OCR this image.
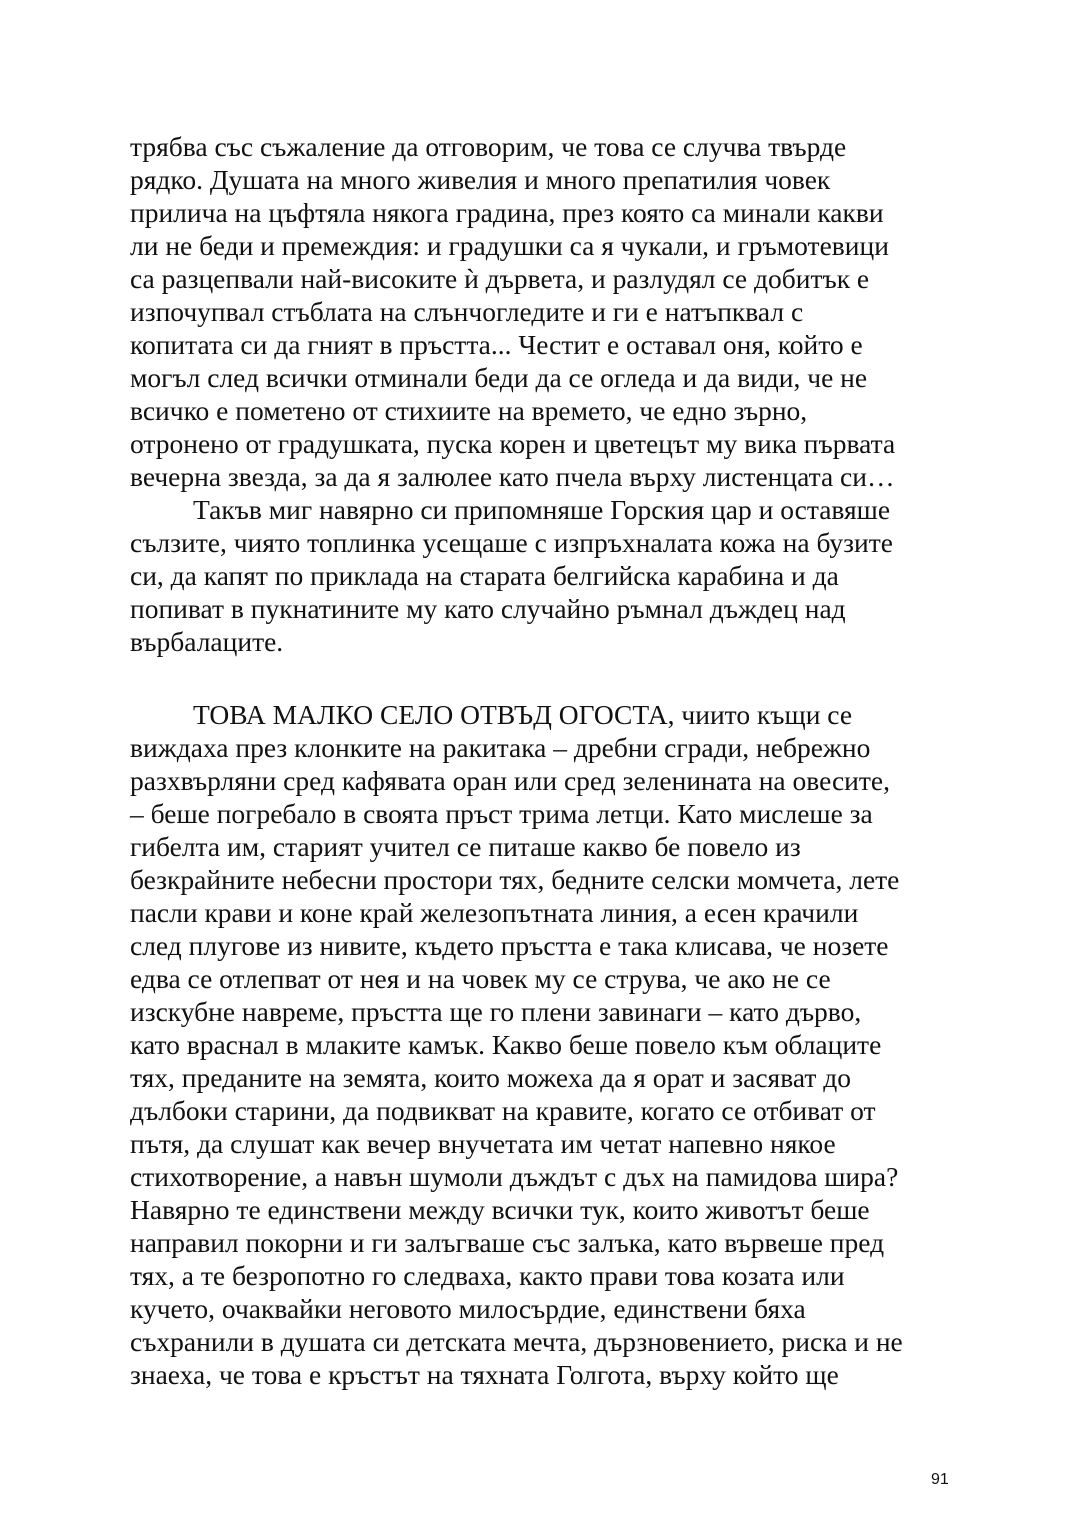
трябва със съжаление да отговорим, че това се случва твърде
рядко. Душата на много живелия и много препатилия човек
прилича на цъфтяла някога градина, през която са минали какви
ли не беди и премеждия: и градушки са я чукали, и гръмотевици
са разцепвали най-високите ѝ дървета, и разлудял се добитък е
изпочупвал стъблата на слънчогледите и ги е натъпквал с
копитата си да гният в пръстта... Честит е оставал оня, който е
могъл след всички отминали беди да се огледа и да види, че не
всичко е пометено от стихиите на времето, че едно зърно,
отронено от градушката, пуска корен и цветецът му вика първата
вечерна звезда, за да я залюлее като пчела върху листенцата си…
Такъв миг навярно си припомняше Горския цар и оставяше
сълзите, чиято топлинка усещаше с изпръхналата кожа на бузите
си, да капят по приклада на старата белгийска карабина и да
попиват в пукнатините му като случайно ръмнал дъждец над
върбалаците.
ТОВА МАЛКО СЕЛО ОТВЪД ОГОСТА, чиито къщи се
виждаха през клонките на ракитака – дребни сгради, небрежно
разхвърляни сред кафявата оран или сред зеленината на овесите,
– беше погребало в своята пръст трима летци. Като мислеше за
гибелта им, старият учител се питаше какво бе повело из
безкрайните небесни простори тях, бедните селски момчета, лете
пасли крави и коне край железопътната линия, а есен крачили
след плугове из нивите, където пръстта е така клисава, че нозете
едва се отлепват от нея и на човек му се струва, че ако не се
изскубне навреме, пръстта ще го плени завинаги – като дърво,
като враснал в млаките камък. Какво беше повело към облаците
тях, преданите на земята, които можеха да я орат и засяват до
дълбоки старини, да подвикват на кравите, когато се отбиват от
пътя, да слушат как вечер внучетата им четат напевно някое
стихотворение, а навън шумоли дъждът с дъх на памидова шира?
Навярно те единствени между всички тук, които животът беше
направил покорни и ги залъгваше със залъка, като вървеше пред
тях, а те безропотно го следваха, както прави това козата или
кучето, очаквайки неговото милосърдие, единствени бяха
съхранили в душата си детската мечта, дързновението, риска и не
знаеха, че това е кръстът на тяхната Голгота, върху който ще
91
